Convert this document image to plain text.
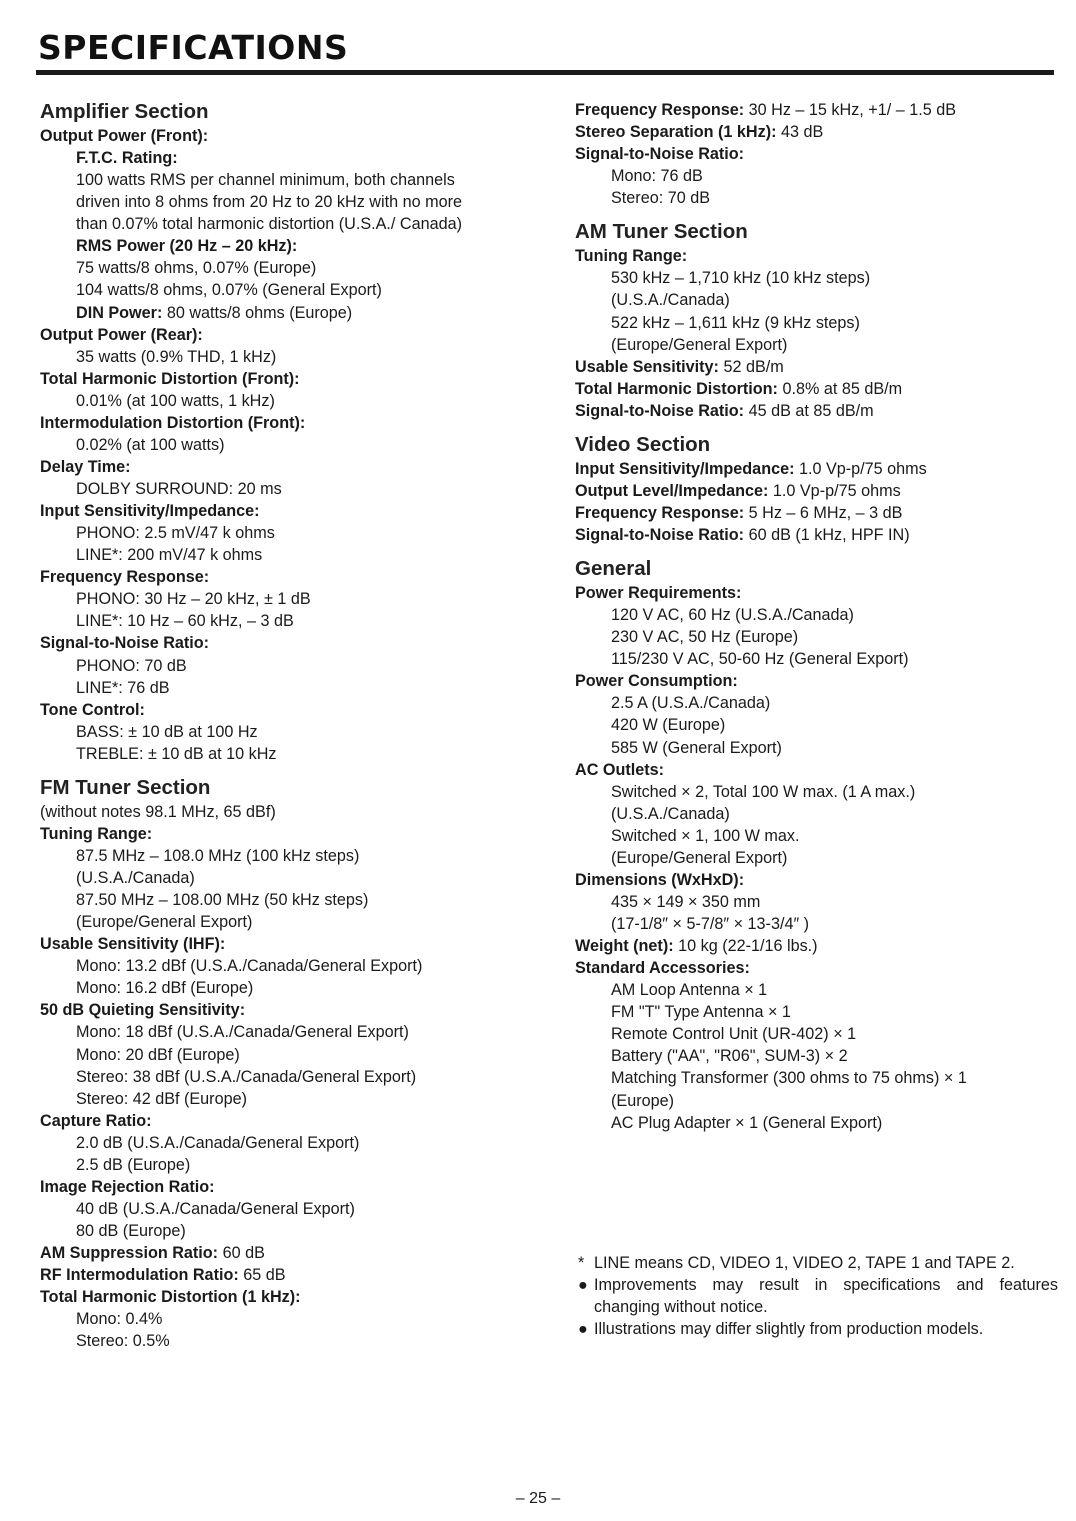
SPECIFICATIONS
Amplifier Section
Output Power (Front):
F.T.C. Rating:
100 watts RMS per channel minimum, both channels
driven into 8 ohms from 20 Hz to 20 kHz with no more
than 0.07% total harmonic distortion (U.S.A./ Canada)
RMS Power (20 Hz – 20 kHz):
75 watts/8 ohms, 0.07% (Europe)
104 watts/8 ohms, 0.07% (General Export)
DIN Power: 80 watts/8 ohms (Europe)
Output Power (Rear):
35 watts (0.9% THD, 1 kHz)
Total Harmonic Distortion (Front):
0.01% (at 100 watts, 1 kHz)
Intermodulation Distortion (Front):
0.02% (at 100 watts)
Delay Time:
DOLBY SURROUND: 20 ms
Input Sensitivity/Impedance:
PHONO: 2.5 mV/47 k ohms
LINE*: 200 mV/47 k ohms
Frequency Response:
PHONO: 30 Hz – 20 kHz, ± 1 dB
LINE*: 10 Hz – 60 kHz, – 3 dB
Signal-to-Noise Ratio:
PHONO: 70 dB
LINE*: 76 dB
Tone Control:
BASS: ± 10 dB at 100 Hz
TREBLE: ± 10 dB at 10 kHz
FM Tuner Section
(without notes 98.1 MHz, 65 dBf)
Tuning Range:
87.5 MHz – 108.0 MHz (100 kHz steps)
(U.S.A./Canada)
87.50 MHz – 108.00 MHz (50 kHz steps)
(Europe/General Export)
Usable Sensitivity (IHF):
Mono: 13.2 dBf (U.S.A./Canada/General Export)
Mono: 16.2 dBf (Europe)
50 dB Quieting Sensitivity:
Mono: 18 dBf (U.S.A./Canada/General Export)
Mono: 20 dBf (Europe)
Stereo: 38 dBf (U.S.A./Canada/General Export)
Stereo: 42 dBf (Europe)
Capture Ratio:
2.0 dB (U.S.A./Canada/General Export)
2.5 dB (Europe)
Image Rejection Ratio:
40 dB (U.S.A./Canada/General Export)
80 dB (Europe)
AM Suppression Ratio: 60 dB
RF Intermodulation Ratio: 65 dB
Total Harmonic Distortion (1 kHz):
Mono: 0.4%
Stereo: 0.5%
Frequency Response: 30 Hz – 15 kHz, +1/ – 1.5 dB
Stereo Separation (1 kHz): 43 dB
Signal-to-Noise Ratio:
Mono: 76 dB
Stereo: 70 dB
AM Tuner Section
Tuning Range:
530 kHz – 1,710 kHz (10 kHz steps)
(U.S.A./Canada)
522 kHz – 1,611 kHz (9 kHz steps)
(Europe/General Export)
Usable Sensitivity: 52 dB/m
Total Harmonic Distortion: 0.8% at 85 dB/m
Signal-to-Noise Ratio: 45 dB at 85 dB/m
Video Section
Input Sensitivity/Impedance: 1.0 Vp-p/75 ohms
Output Level/Impedance: 1.0 Vp-p/75 ohms
Frequency Response: 5 Hz – 6 MHz, – 3 dB
Signal-to-Noise Ratio: 60 dB (1 kHz, HPF IN)
General
Power Requirements:
120 V AC, 60 Hz (U.S.A./Canada)
230 V AC, 50 Hz (Europe)
115/230 V AC, 50-60 Hz (General Export)
Power Consumption:
2.5 A (U.S.A./Canada)
420 W (Europe)
585 W (General Export)
AC Outlets:
Switched × 2, Total 100 W max. (1 A max.)
(U.S.A./Canada)
Switched × 1, 100 W max.
(Europe/General Export)
Dimensions (WxHxD):
435 × 149 × 350 mm
(17-1/8″ × 5-7/8″ × 13-3/4″ )
Weight (net): 10 kg (22-1/16 lbs.)
Standard Accessories:
AM Loop Antenna × 1
FM "T" Type Antenna × 1
Remote Control Unit (UR-402) × 1
Battery ("AA", "R06", SUM-3) × 2
Matching Transformer (300 ohms to 75 ohms) × 1
(Europe)
AC Plug Adapter × 1 (General Export)
* LINE means CD, VIDEO 1, VIDEO 2, TAPE 1 and TAPE 2.
● Improvements may result in specifications and features changing without notice.
● Illustrations may differ slightly from production models.
– 25 –
